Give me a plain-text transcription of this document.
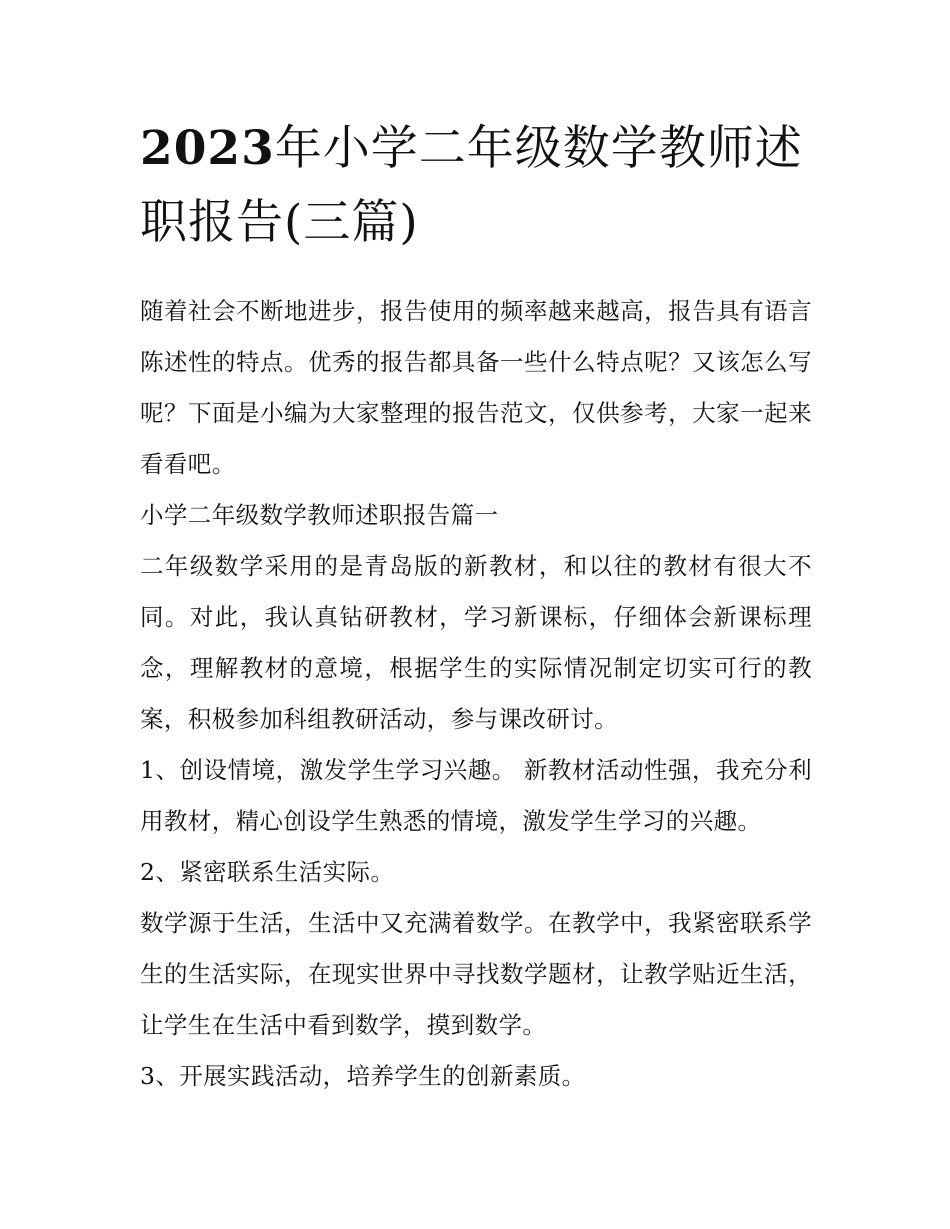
2023年小学二年级数学教师述职报告(三篇)

随着社会不断地进步，报告使用的频率越来越高，报告具有语言陈述性的特点。优秀的报告都具备一些什么特点呢？又该怎么写呢？下面是小编为大家整理的报告范文，仅供参考，大家一起来看看吧。

小学二年级数学教师述职报告篇一

二年级数学采用的是青岛版的新教材，和以往的教材有很大不同。对此，我认真钻研教材，学习新课标，仔细体会新课标理念，理解教材的意境，根据学生的实际情况制定切实可行的教案，积极参加科组教研活动，参与课改研讨。

1、创设情境，激发学生学习兴趣。 新教材活动性强，我充分利用教材，精心创设学生熟悉的情境，激发学生学习的兴趣。

2、紧密联系生活实际。

数学源于生活，生活中又充满着数学。在教学中，我紧密联系学生的生活实际，在现实世界中寻找数学题材，让教学贴近生活，让学生在生活中看到数学，摸到数学。

3、开展实践活动，培养学生的创新素质。
